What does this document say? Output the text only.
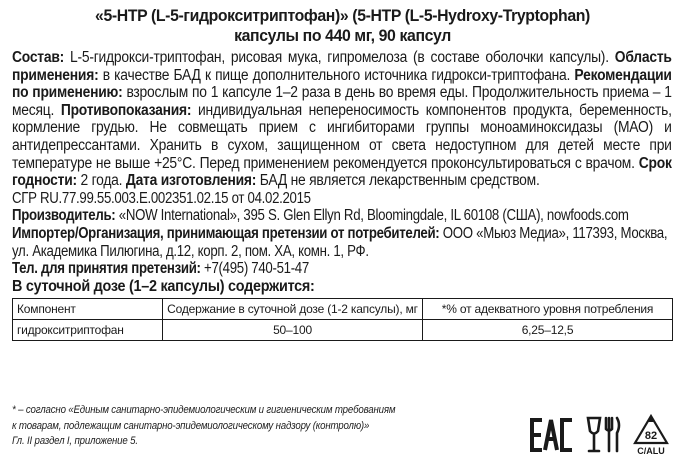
«5-HTP (L-5-гидрокситриптофан)» (5-HTP (L-5-Hydroxy-Tryptophan)
капсулы по 440 мг, 90 капсул

Состав: L-5-гидрокси-триптофан, рисовая мука, гипромелоза (в составе оболочки капсулы). Область применения: в качестве БАД к пище дополнительного источника гидрокси-триптофана. Рекомендации по применению: взрослым по 1 капсуле 1–2 раза в день во время еды. Продолжительность приема – 1 месяц. Противопоказания: индивидуальная непереносимость компонентов продукта, беременность, кормление грудью. Не совмещать прием с ингибиторами группы моноаминоксидазы (МАО) и антидепрессантами. Хранить в сухом, защищенном от света недоступном для детей месте при температуре не выше +25°С. Перед применением рекомендуется проконсультироваться с врачом. Срок годности: 2 года. Дата изготовления: БАД не является лекарственным средством.

СГР RU.77.99.55.003.Е.002351.02.15 от 04.02.2015
Производитель: «NOW International», 395 S. Glen Ellyn Rd, Bloomingdale, IL 60108 (США), nowfoods.com
Импортер/Организация, принимающая претензии от потребителей: ООО «Мьюз Медиа», 117393, Москва, ул. Академика Пилюгина, д.12, корп. 2, пом. ХА, комн. 1, РФ.
Тел. для принятия претензий: +7(495) 740-51-47
В суточной дозе (1–2 капсулы) содержится:
Компонент	Содержание в суточной дозе (1-2 капсулы), мг	*% от адекватного уровня потребления
гидрокситриптофан	50–100	6,25–12,5
* – согласно «Единым санитарно-эпидемиологическим и гигиеническим требованиям
к товарам, подлежащим санитарно-эпидемиологическому надзору (контролю)»
Гл. II раздел I, приложение 5.	82
C/ALU
